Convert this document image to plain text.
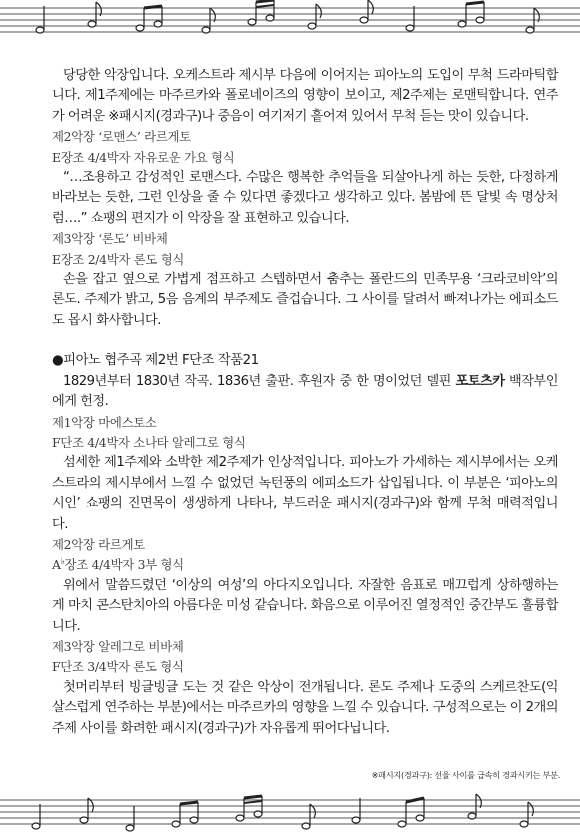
당당한 악장입니다. 오케스트라 제시부 다음에 이어지는 피아노의 도입이 무척 드라마틱합니다. 제1주제에는 마주르카와 폴로네이즈의 영향이 보이고, 제2주제는 로맨틱합니다. 연주가 어려운 ※패시지(경과구)나 중음이 여기저기 흩어져 있어서 무척 듣는 맛이 있습니다.

제2악장 ‘로맨스’ 라르게토

E장조 4/4박자 자유로운 가요 형식

“…조용하고 감성적인 로맨스다. 수많은 행복한 추억들을 되살아나게 하는 듯한, 다정하게 바라보는 듯한, 그런 인상을 줄 수 있다면 좋겠다고 생각하고 있다. 봄밤에 뜬 달빛 속 명상처럼….” 쇼팽의 편지가 이 악장을 잘 표현하고 있습니다.

제3악장 ‘론도’ 비바체

E장조 2/4박자 론도 형식

손을 잡고 옆으로 가볍게 점프하고 스텝하면서 춤추는 폴란드의 민족무용 ‘크라코비악’의 론도. 주제가 밝고, 5음 음계의 부주제도 즐겁습니다. 그 사이를 달려서 빠져나가는 에피소드도 몹시 화사합니다.

●피아노 협주곡 제2번 F단조 작품21

1829년부터 1830년 작곡. 1836년 출판. 후원자 중 한 명이었던 델핀 포토츠카 백작부인에게 헌정.

제1악장 마에스토소

F단조 4/4박자 소나타 알레그로 형식

섬세한 제1주제와 소박한 제2주제가 인상적입니다. 피아노가 가세하는 제시부에서는 오케스트라의 제시부에서 느낄 수 없었던 녹턴풍의 에피소드가 삽입됩니다. 이 부분은 ‘피아노의 시인’ 쇼팽의 진면목이 생생하게 나타나, 부드러운 패시지(경과구)와 함께 무척 매력적입니다.

제2악장 라르게토

A♭장조 4/4박자 3부 형식

위에서 말씀드렸던 ‘이상의 여성’의 아다지오입니다. 자잘한 음표로 매끄럽게 상하행하는 게 마치 콘스탄치아의 아름다운 미성 같습니다. 화음으로 이루어진 열정적인 중간부도 훌륭합니다.

제3악장 알레그로 비바체

F단조 3/4박자 론도 형식

첫머리부터 빙글빙글 도는 것 같은 악상이 전개됩니다. 론도 주제나 도중의 스케르찬도(익살스럽게 연주하는 부분)에서는 마주르카의 영향을 느낄 수 있습니다. 구성적으로는 이 2개의 주제 사이를 화려한 패시지(경과구)가 자유롭게 뛰어다닙니다.

※패시지(경과구): 선율 사이를 급속히 경과시키는 부분.
